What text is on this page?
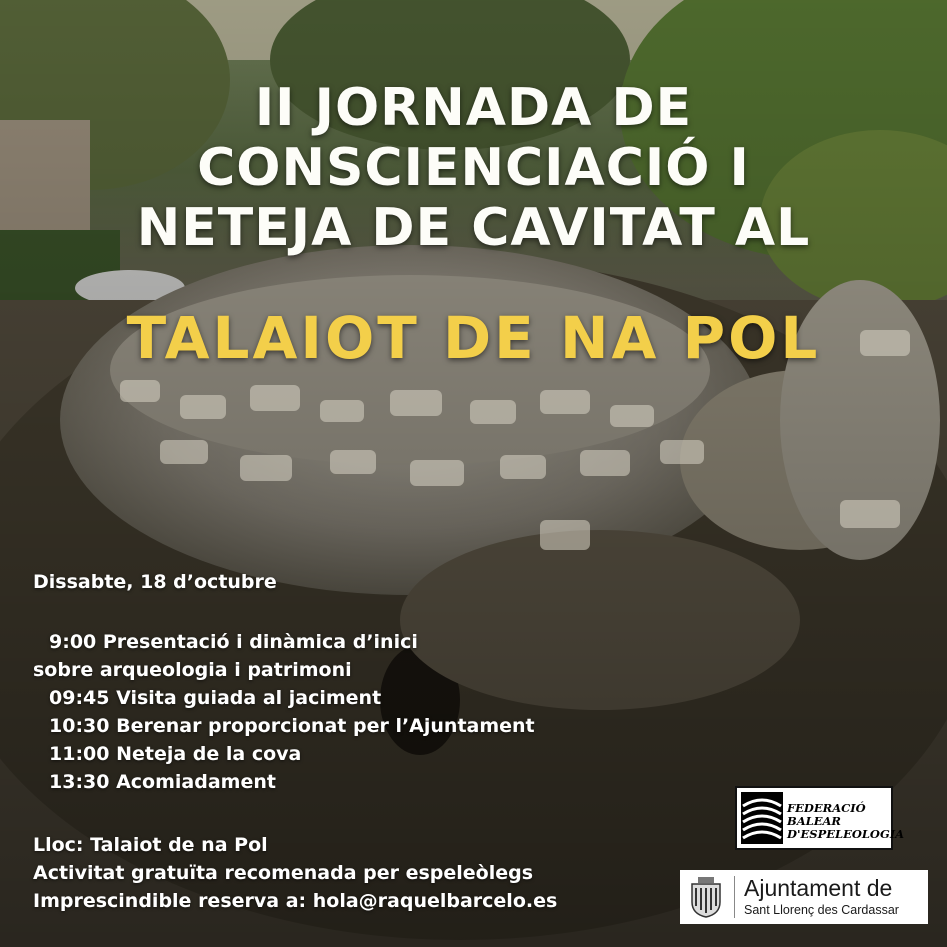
II JORNADA DE
CONSCIENCIACIÓ I
NETEJA DE CAVITAT AL
TALAIOT DE NA POL
Dissabte, 18 d’octubre
9:00 Presentació i dinàmica d’inici
sobre arqueologia i patrimoni
09:45 Visita guiada al jaciment
10:30 Berenar proporcionat per l’Ajuntament
11:00 Neteja de la cova
13:30 Acomiadament
Lloc: Talaiot de na Pol
Activitat gratuïta recomenada per espeleòlegs
Imprescindible reserva a: hola@raquelbarcelo.es
FEDERACIÓ
BALEAR
D'ESPELEOLOGIA
Ajuntament de
Sant Llorenç des Cardassar
